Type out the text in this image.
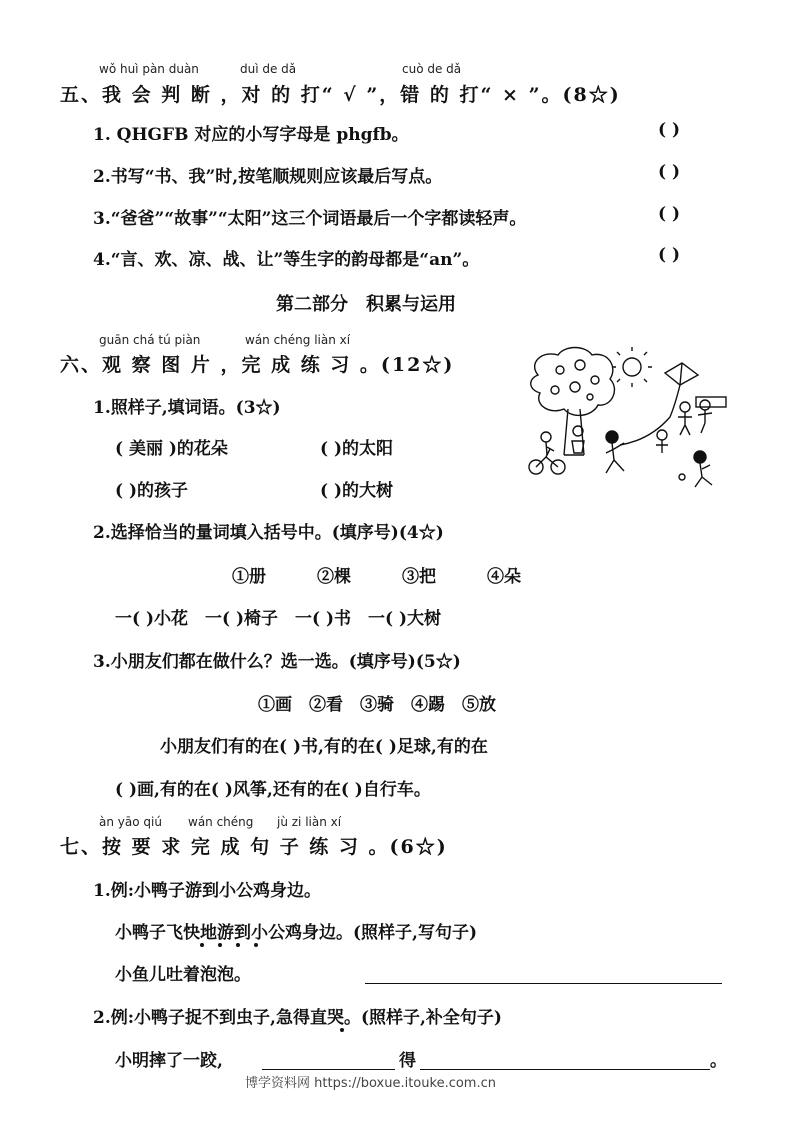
wǒ huì pàn duàn	duì de dǎ	cuò de dǎ
五、我 会 判 断 ，对 的 打“ √ ”，错 的 打“ × ”。(8☆)
1. QHGFB 对应的小写字母是 phgfb。	( )
2.书写“书、我”时,按笔顺规则应该最后写点。	( )
3.“爸爸”“故事”“太阳”这三个词语最后一个字都读轻声。	( )
4.“言、欢、凉、战、让”等生字的韵母都是“an”。	( )
第二部分　积累与运用
guān chá tú piàn	wán chéng liàn xí
六、观 察 图 片 ，完 成 练 习 。(12☆)
1.照样子,填词语。(3☆)
( 美丽 )的花朵	( )的太阳
( )的孩子	( )的大树
2.选择恰当的量词填入括号中。(填序号)(4☆)
①册　　　②棵　　　③把　　　④朵
一( )小花　一( )椅子　一( )书　一( )大树
3.小朋友们都在做什么？选一选。(填序号)(5☆)
①画　②看　③骑　④踢　⑤放
小朋友们有的在( )书,有的在( )足球,有的在
( )画,有的在( )风筝,还有的在( )自行车。
àn yāo qiú wán chéng jù zi liàn xí
七、按 要 求 完 成 句 子 练 习 。(6☆)
1.例:小鸭子游到小公鸡身边。
小鸭子飞快地游到小公鸡身边。(照样子,写句子)
小鱼儿吐着泡泡。
2.例:小鸭子捉不到虫子,急得直哭。(照样子,补全句子)
小明摔了一跤,	得	。
博学资料网 https://boxue.itouke.com.cn
